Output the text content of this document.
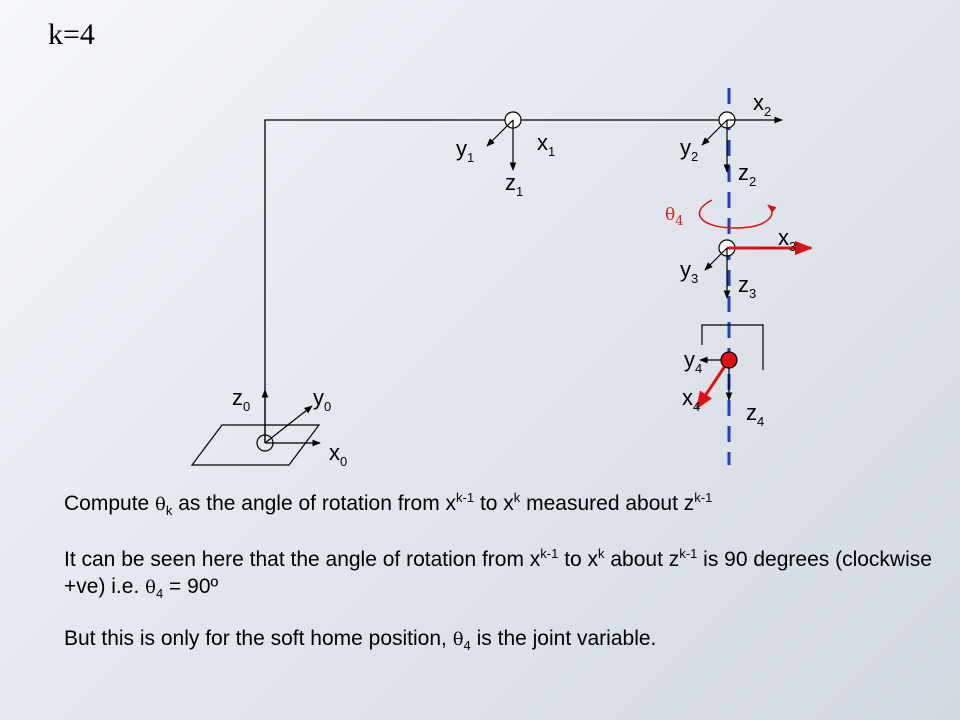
k=4
$z_0$	$y_0$
$x_0$
$x_1$
$y_1$
$z_1$
$x_2$
$y_2$
$z_2$
$\theta_4$
$x_3$
$y_3$ $z_3$
$y_4$
$x_4$ $z_4$
Compute $\theta_k$ as the angle of rotation from $x^{k-1}$ to $x^k$ measured about $z^{k-1}$
It can be seen here that the angle of rotation from $x^{k-1}$ to $x^k$ about $z^{k-1}$ is 90 degrees (clockwise +ve) i.e. $\theta_4$ = 90º
But this is only for the soft home position, $\theta_4$ is the joint variable.
